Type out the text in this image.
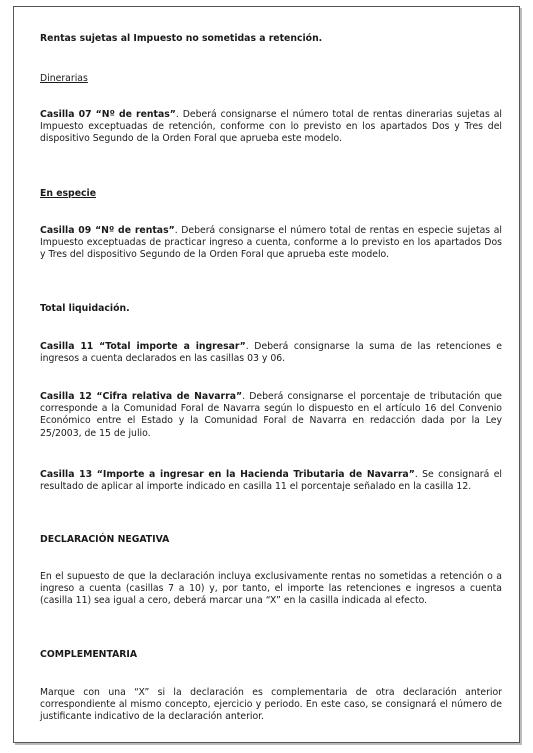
Rentas sujetas al Impuesto no sometidas a retención.

Dinerarias

Casilla 07 “Nº de rentas”. Deberá consignarse el número total de rentas dinerarias sujetas al Impuesto exceptuadas de retención, conforme con lo previsto en los apartados Dos y Tres del dispositivo Segundo de la Orden Foral que aprueba este modelo.

En especie

Casilla 09 “Nº de rentas”. Deberá consignarse el número total de rentas en especie sujetas al Impuesto exceptuadas de practicar ingreso a cuenta, conforme a lo previsto en los apartados Dos y Tres del dispositivo Segundo de la Orden Foral que aprueba este modelo.

Total liquidación.

Casilla 11 “Total importe a ingresar”. Deberá consignarse la suma de las retenciones e ingresos a cuenta declarados en las casillas 03 y 06.

Casilla 12 “Cifra relativa de Navarra”. Deberá consignarse el porcentaje de tributación que corresponde a la Comunidad Foral de Navarra según lo dispuesto en el artículo 16 del Convenio Económico entre el Estado y la Comunidad Foral de Navarra en redacción dada por la Ley 25/2003, de 15 de julio.

Casilla 13 “Importe a ingresar en la Hacienda Tributaria de Navarra”. Se consignará el resultado de aplicar al importe indicado en casilla 11 el porcentaje señalado en la casilla 12.

DECLARACIÓN NEGATIVA

En el supuesto de que la declaración incluya exclusivamente rentas no sometidas a retención o a ingreso a cuenta (casillas 7 a 10) y, por tanto, el importe las retenciones e ingresos a cuenta (casilla 11) sea igual a cero, deberá marcar una “X” en la casilla indicada al efecto.

COMPLEMENTARIA

Marque con una “X” si la declaración es complementaria de otra declaración anterior correspondiente al mismo concepto, ejercicio y periodo. En este caso, se consignará el número de justificante indicativo de la declaración anterior.
